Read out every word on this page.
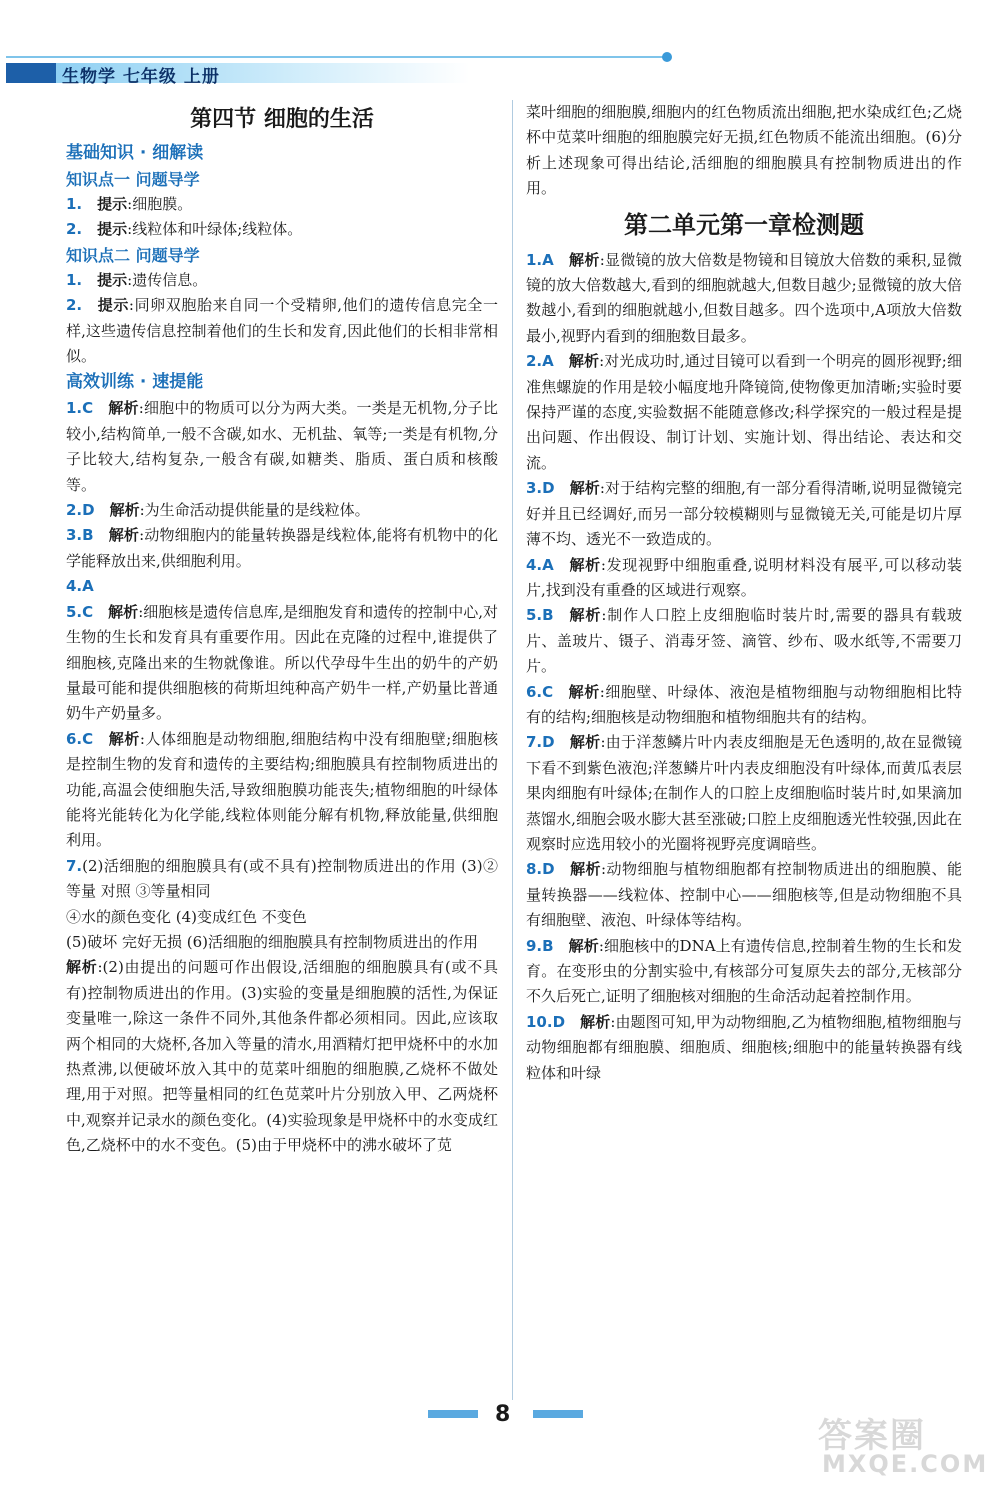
生物学 七年级 上册
第四节 细胞的生活
基础知识 · 细解读
知识点一 问题导学

1.  提示:细胞膜。

2.  提示:线粒体和叶绿体;线粒体。

知识点二 问题导学

1.  提示:遗传信息。

2.  提示:同卵双胞胎来自同一个受精卵,他们的遗传信息完全一样,这些遗传信息控制着他们的生长和发育,因此他们的长相非常相似。

高效训练 · 速提能

1.C  解析:细胞中的物质可以分为两大类。一类是无机物,分子比较小,结构简单,一般不含碳,如水、无机盐、氧等;一类是有机物,分子比较大,结构复杂,一般含有碳,如糖类、脂质、蛋白质和核酸等。

2.D  解析:为生命活动提供能量的是线粒体。

3.B  解析:动物细胞内的能量转换器是线粒体,能将有机物中的化学能释放出来,供细胞利用。

4.A

5.C  解析:细胞核是遗传信息库,是细胞发育和遗传的控制中心,对生物的生长和发育具有重要作用。因此在克隆的过程中,谁提供了细胞核,克隆出来的生物就像谁。所以代孕母牛生出的奶牛的产奶量最可能和提供细胞核的荷斯坦纯种高产奶牛一样,产奶量比普通奶牛产奶量多。

6.C  解析:人体细胞是动物细胞,细胞结构中没有细胞壁;细胞核是控制生物的发育和遗传的主要结构;细胞膜具有控制物质进出的功能,高温会使细胞失活,导致细胞膜功能丧失;植物细胞的叶绿体能将光能转化为化学能,线粒体则能分解有机物,释放能量,供细胞利用。

7.(2)活细胞的细胞膜具有(或不具有)控制物质进出的作用 (3)②等量 对照 ③等量相同

④水的颜色变化 (4)变成红色 不变色

(5)破坏 完好无损 (6)活细胞的细胞膜具有控制物质进出的作用

解析:(2)由提出的问题可作出假设,活细胞的细胞膜具有(或不具有)控制物质进出的作用。(3)实验的变量是细胞膜的活性,为保证变量唯一,除这一条件不同外,其他条件都必须相同。因此,应该取两个相同的大烧杯,各加入等量的清水,用酒精灯把甲烧杯中的水加热煮沸,以便破坏放入其中的苋菜叶细胞的细胞膜,乙烧杯不做处理,用于对照。把等量相同的红色苋菜叶片分别放入甲、乙两烧杯中,观察并记录水的颜色变化。(4)实验现象是甲烧杯中的水变成红色,乙烧杯中的水不变色。(5)由于甲烧杯中的沸水破坏了苋

菜叶细胞的细胞膜,细胞内的红色物质流出细胞,把水染成红色;乙烧杯中苋菜叶细胞的细胞膜完好无损,红色物质不能流出细胞。(6)分析上述现象可得出结论,活细胞的细胞膜具有控制物质进出的作用。

第二单元第一章检测题

1.A  解析:显微镜的放大倍数是物镜和目镜放大倍数的乘积,显微镜的放大倍数越大,看到的细胞就越大,但数目越少;显微镜的放大倍数越小,看到的细胞就越小,但数目越多。四个选项中,A项放大倍数最小,视野内看到的细胞数目最多。

2.A  解析:对光成功时,通过目镜可以看到一个明亮的圆形视野;细准焦螺旋的作用是较小幅度地升降镜筒,使物像更加清晰;实验时要保持严谨的态度,实验数据不能随意修改;科学探究的一般过程是提出问题、作出假设、制订计划、实施计划、得出结论、表达和交流。

3.D  解析:对于结构完整的细胞,有一部分看得清晰,说明显微镜完好并且已经调好,而另一部分较模糊则与显微镜无关,可能是切片厚薄不均、透光不一致造成的。

4.A  解析:发现视野中细胞重叠,说明材料没有展平,可以移动装片,找到没有重叠的区域进行观察。

5.B  解析:制作人口腔上皮细胞临时装片时,需要的器具有载玻片、盖玻片、镊子、消毒牙签、滴管、纱布、吸水纸等,不需要刀片。

6.C  解析:细胞壁、叶绿体、液泡是植物细胞与动物细胞相比特有的结构;细胞核是动物细胞和植物细胞共有的结构。

7.D  解析:由于洋葱鳞片叶内表皮细胞是无色透明的,故在显微镜下看不到紫色液泡;洋葱鳞片叶内表皮细胞没有叶绿体,而黄瓜表层果肉细胞有叶绿体;在制作人的口腔上皮细胞临时装片时,如果滴加蒸馏水,细胞会吸水膨大甚至涨破;口腔上皮细胞透光性较强,因此在观察时应选用较小的光圈将视野亮度调暗些。

8.D  解析:动物细胞与植物细胞都有控制物质进出的细胞膜、能量转换器——线粒体、控制中心——细胞核等,但是动物细胞不具有细胞壁、液泡、叶绿体等结构。

9.B  解析:细胞核中的DNA上有遗传信息,控制着生物的生长和发育。在变形虫的分割实验中,有核部分可复原失去的部分,无核部分不久后死亡,证明了细胞核对细胞的生命活动起着控制作用。

10.D  解析:由题图可知,甲为动物细胞,乙为植物细胞,植物细胞与动物细胞都有细胞膜、细胞质、细胞核;细胞中的能量转换器有线粒体和叶绿

8
答案圈
MXQE.COM
